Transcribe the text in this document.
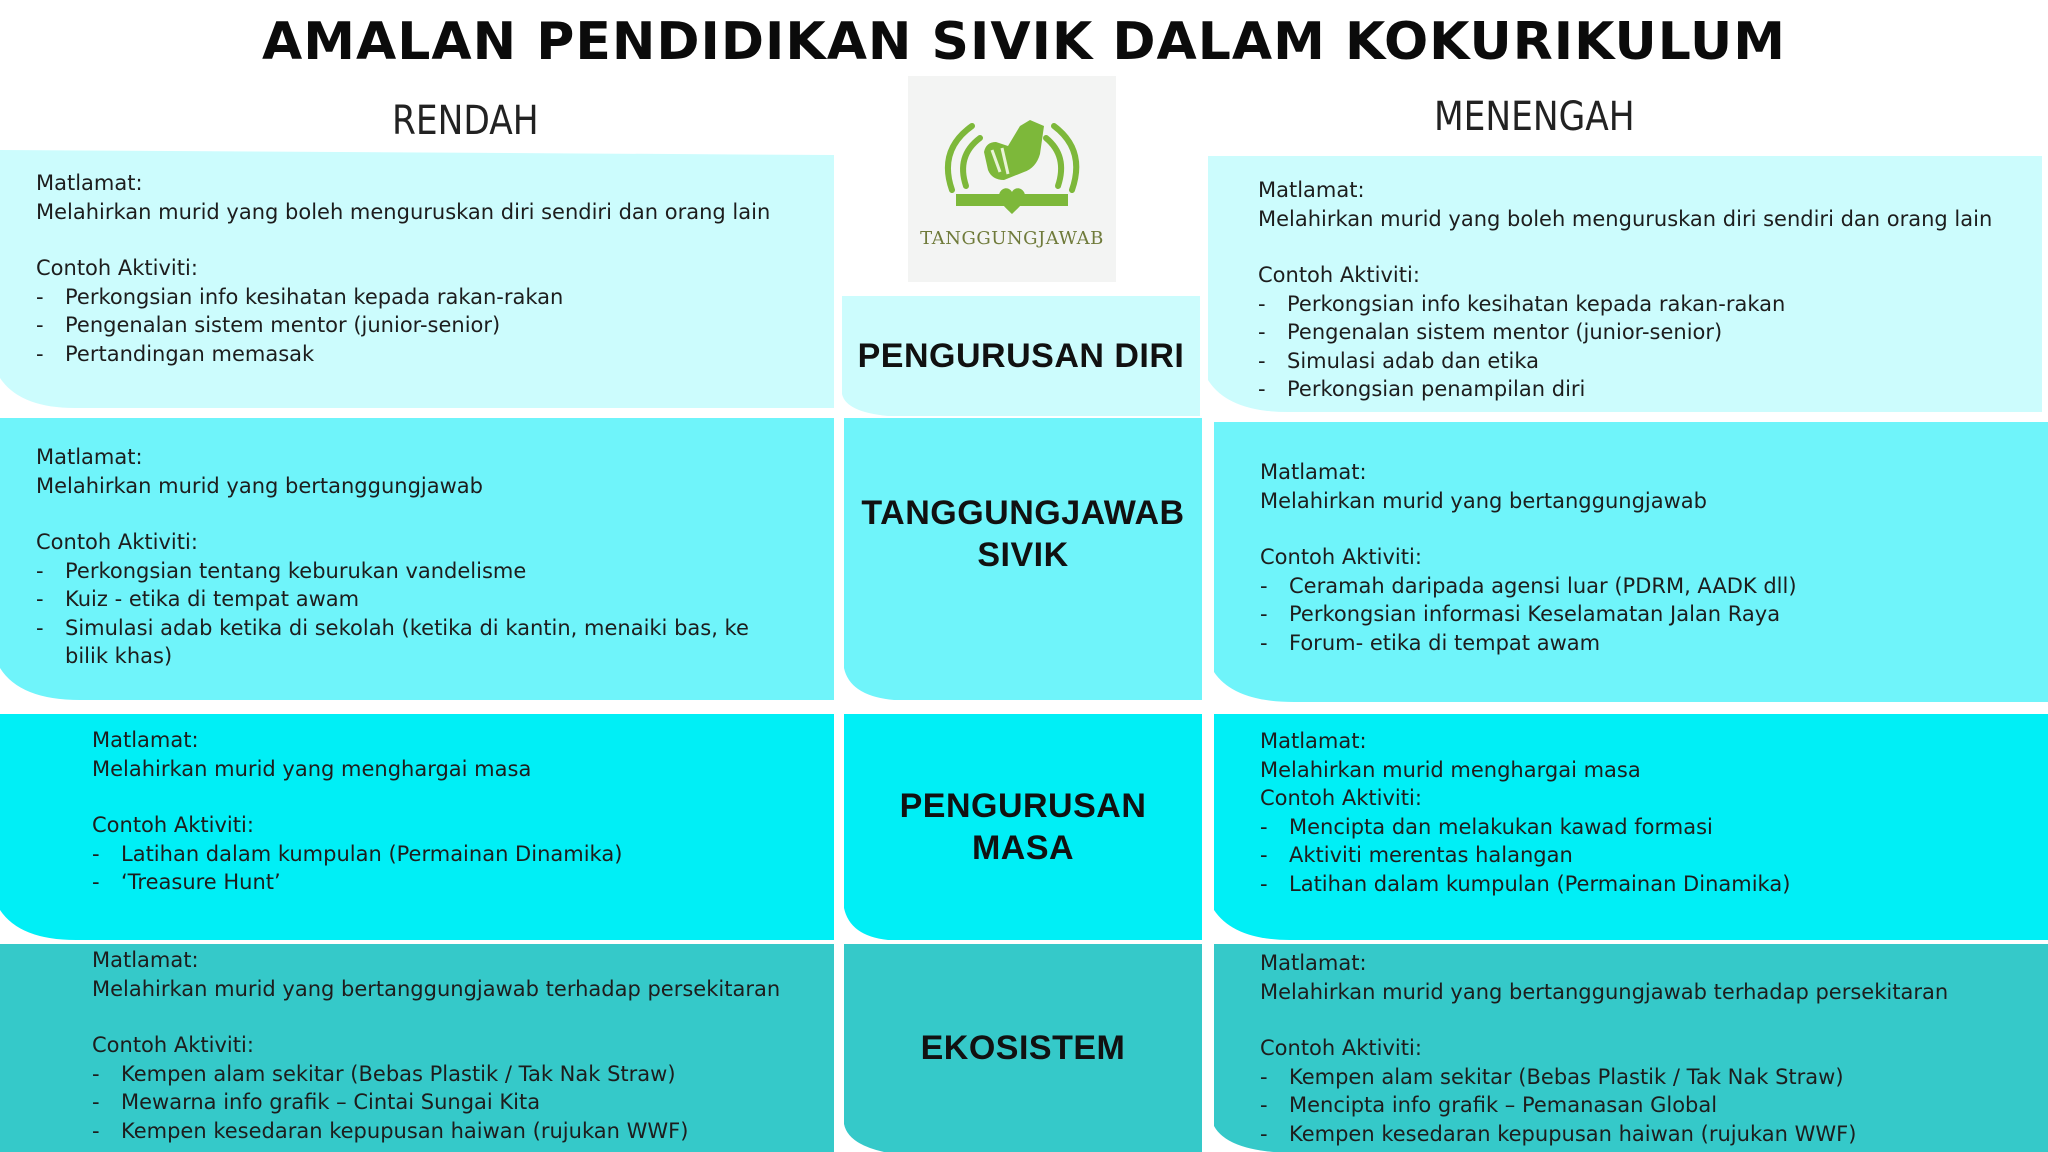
AMALAN PENDIDIKAN SIVIK DALAM KOKURIKULUM
RENDAH	MENENGAH
TANGGUNGJAWAB
Matlamat:
Melahirkan murid yang boleh menguruskan diri sendiri dan orang lain
Contoh Aktiviti:
- Perkongsian info kesihatan kepada rakan-rakan
- Pengenalan sistem mentor (junior-senior)
- Pertandingan memasak	PENGURUSAN DIRI
Matlamat:
Melahirkan murid yang boleh menguruskan diri sendiri dan orang lain
Contoh Aktiviti:
- Perkongsian info kesihatan kepada rakan-rakan
- Pengenalan sistem mentor (junior-senior)
- Simulasi adab dan etika
- Perkongsian penampilan diri
Matlamat:
Melahirkan murid yang bertanggungjawab
Contoh Aktiviti:
- Perkongsian tentang keburukan vandelisme
- Kuiz - etika di tempat awam
- Simulasi adab ketika di sekolah (ketika di kantin, menaiki bas, ke bilik khas)
TANGGUNGJAWAB
SIVIK
Matlamat:
Melahirkan murid yang bertanggungjawab
Contoh Aktiviti:
- Ceramah daripada agensi luar (PDRM, AADK dll)
- Perkongsian informasi Keselamatan Jalan Raya
- Forum- etika di tempat awam
Matlamat:
Melahirkan murid yang menghargai masa
Contoh Aktiviti:
- Latihan dalam kumpulan (Permainan Dinamika)
- ‘Treasure Hunt’
PENGURUSAN
MASA
Matlamat:
Melahirkan murid menghargai masa
Contoh Aktiviti:
- Mencipta dan melakukan kawad formasi
- Aktiviti merentas halangan
- Latihan dalam kumpulan (Permainan Dinamika)
Matlamat:
Melahirkan murid yang bertanggungjawab terhadap persekitaran
Contoh Aktiviti:
- Kempen alam sekitar (Bebas Plastik / Tak Nak Straw)
- Mewarna info grafik – Cintai Sungai Kita
- Kempen kesedaran kepupusan haiwan (rujukan WWF)
EKOSISTEM
Matlamat:
Melahirkan murid yang bertanggungjawab terhadap persekitaran
Contoh Aktiviti:
- Kempen alam sekitar (Bebas Plastik / Tak Nak Straw)
- Mencipta info grafik – Pemanasan Global
- Kempen kesedaran kepupusan haiwan (rujukan WWF)
